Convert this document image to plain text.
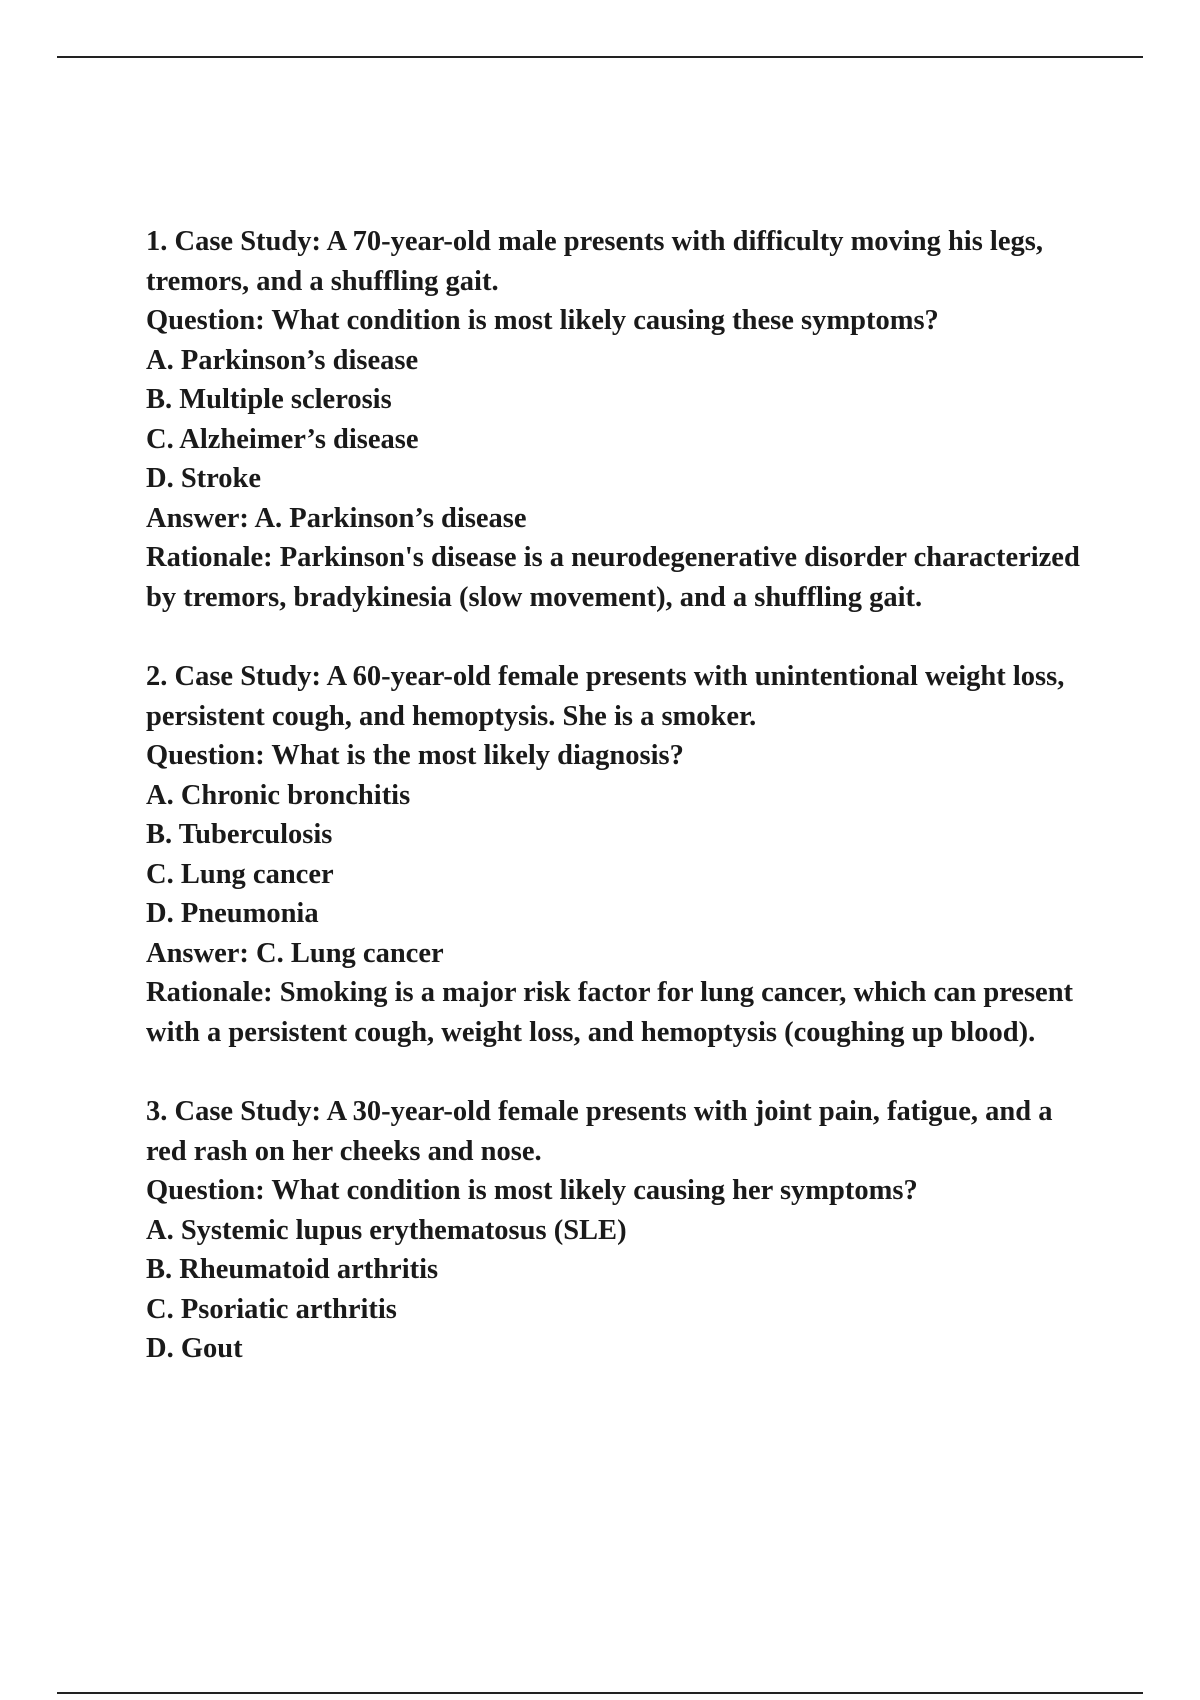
1. Case Study: A 70-year-old male presents with difficulty moving his legs, tremors, and a shuffling gait.

Question: What condition is most likely causing these symptoms?

A. Parkinson’s disease

B. Multiple sclerosis

C. Alzheimer’s disease

D. Stroke

Answer: A. Parkinson’s disease

Rationale: Parkinson's disease is a neurodegenerative disorder characterized by tremors, bradykinesia (slow movement), and a shuffling gait.

2. Case Study: A 60-year-old female presents with unintentional weight loss, persistent cough, and hemoptysis. She is a smoker.

Question: What is the most likely diagnosis?

A. Chronic bronchitis

B. Tuberculosis

C. Lung cancer

D. Pneumonia

Answer: C. Lung cancer

Rationale: Smoking is a major risk factor for lung cancer, which can present with a persistent cough, weight loss, and hemoptysis (coughing up blood).

3. Case Study: A 30-year-old female presents with joint pain, fatigue, and a red rash on her cheeks and nose.

Question: What condition is most likely causing her symptoms?

A. Systemic lupus erythematosus (SLE)

B. Rheumatoid arthritis

C. Psoriatic arthritis

D. Gout
